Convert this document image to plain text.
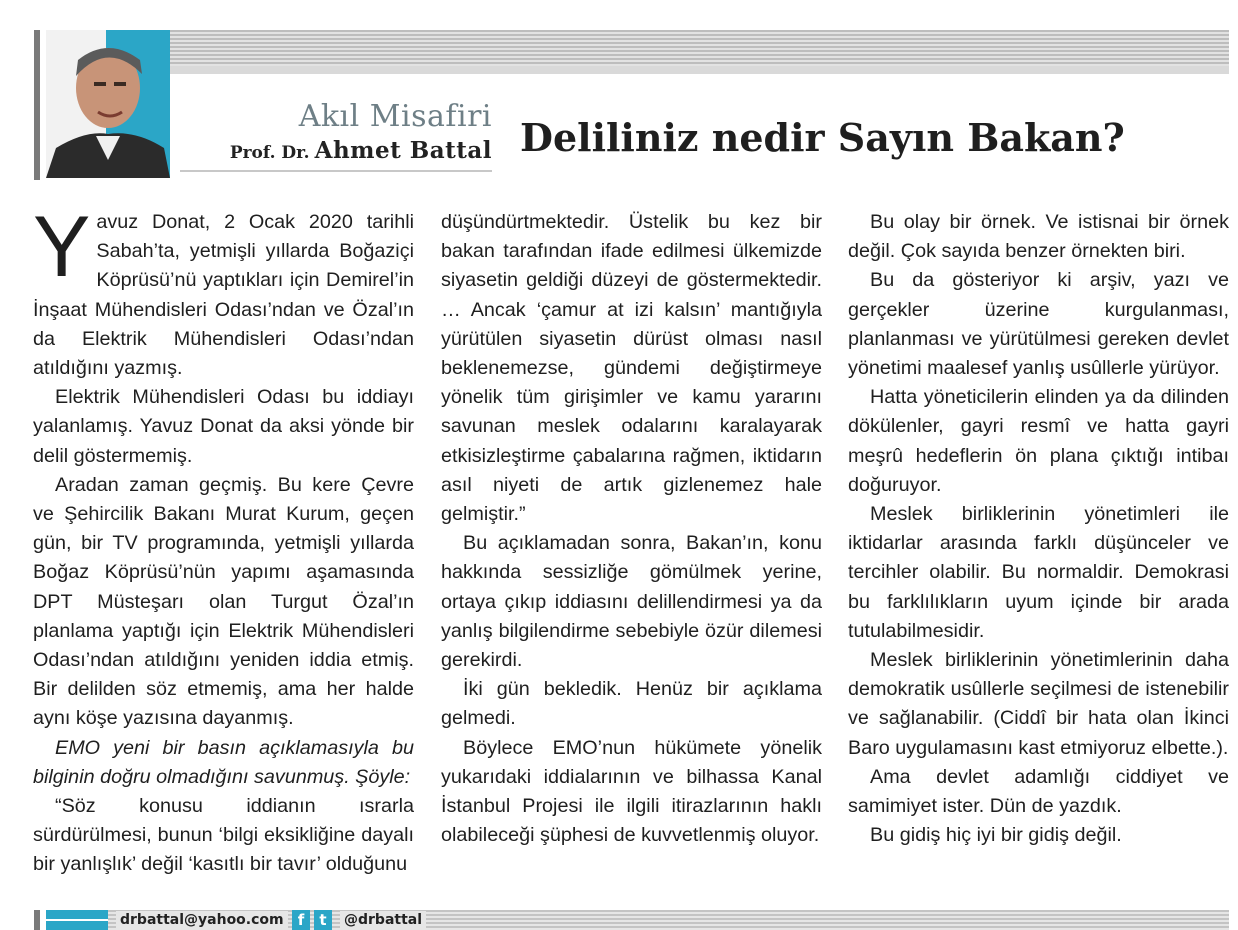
Akıl Misafiri
Prof. Dr. Ahmet Battal Deliliniz nedir Sayın Bakan?

Yavuz Donat, 2 Ocak 2020 tarihli Sabah’ta, yetmişli yıllarda Boğaziçi Köprüsü’nü yaptıkları için Demirel’in İnşaat Mühendisleri Odası’ndan ve Özal’ın da Elektrik Mühendisleri Odası’ndan atıldığını yazmış.

Elektrik Mühendisleri Odası bu iddiayı yalanlamış. Yavuz Donat da aksi yönde bir delil göstermemiş.

Aradan zaman geçmiş. Bu kere Çevre ve Şehircilik Bakanı Murat Kurum, geçen gün, bir TV programında, yetmişli yıllarda Boğaz Köprüsü’nün yapımı aşamasında DPT Müsteşarı olan Turgut Özal’ın planlama yaptığı için Elektrik Mühendisleri Odası’ndan atıldığını yeniden iddia etmiş. Bir delilden söz etmemiş, ama her halde aynı köşe yazısına dayanmış.

EMO yeni bir basın açıklamasıyla bu bilginin doğru olmadığını savunmuş. Şöyle:

“Söz konusu iddianın ısrarla sürdürülmesi, bunun ‘bilgi eksikliğine dayalı bir yanlışlık’ değil ‘kasıtlı bir tavır’ olduğunu

düşündürtmektedir. Üstelik bu kez bir bakan tarafından ifade edilmesi ülkemizde siyasetin geldiği düzeyi de göstermektedir. … Ancak ‘çamur at izi kalsın’ mantığıyla yürütülen siyasetin dürüst olması nasıl beklenemezse, gündemi değiştirmeye yönelik tüm girişimler ve kamu yararını savunan meslek odalarını karalayarak etkisizleştirme çabalarına rağmen, iktidarın asıl niyeti de artık gizlenemez hale gelmiştir.”

Bu açıklamadan sonra, Bakan’ın, konu hakkında sessizliğe gömülmek yerine, ortaya çıkıp iddiasını delillendirmesi ya da yanlış bilgilendirme sebebiyle özür dilemesi gerekirdi.

İki gün bekledik. Henüz bir açıklama gelmedi.

Böylece EMO’nun hükümete yönelik yukarıdaki iddialarının ve bilhassa Kanal İstanbul Projesi ile ilgili itirazlarının haklı olabileceği şüphesi de kuvvetlenmiş oluyor.

Bu olay bir örnek. Ve istisnai bir örnek değil. Çok sayıda benzer örnekten biri.

Bu da gösteriyor ki arşiv, yazı ve gerçekler üzerine kurgulanması, planlanması ve yürütülmesi gereken devlet yönetimi maalesef yanlış usûllerle yürüyor.

Hatta yöneticilerin elinden ya da dilinden dökülenler, gayri resmî ve hatta gayri meşrû hedeflerin ön plana çıktığı intibaı doğuruyor.

Meslek birliklerinin yönetimleri ile iktidarlar arasında farklı düşünceler ve tercihler olabilir. Bu normaldir. Demokrasi bu farklılıkların uyum içinde bir arada tutulabilmesidir.

Meslek birliklerinin yönetimlerinin daha demokratik usûllerle seçilmesi de istenebilir ve sağlanabilir. (Ciddî bir hata olan İkinci Baro uygulamasını kast etmiyoruz elbette.).

Ama devlet adamlığı ciddiyet ve samimiyet ister. Dün de yazdık.

Bu gidiş hiç iyi bir gidiş değil.

drbattal@yahoo.com f	t	@drbattal
